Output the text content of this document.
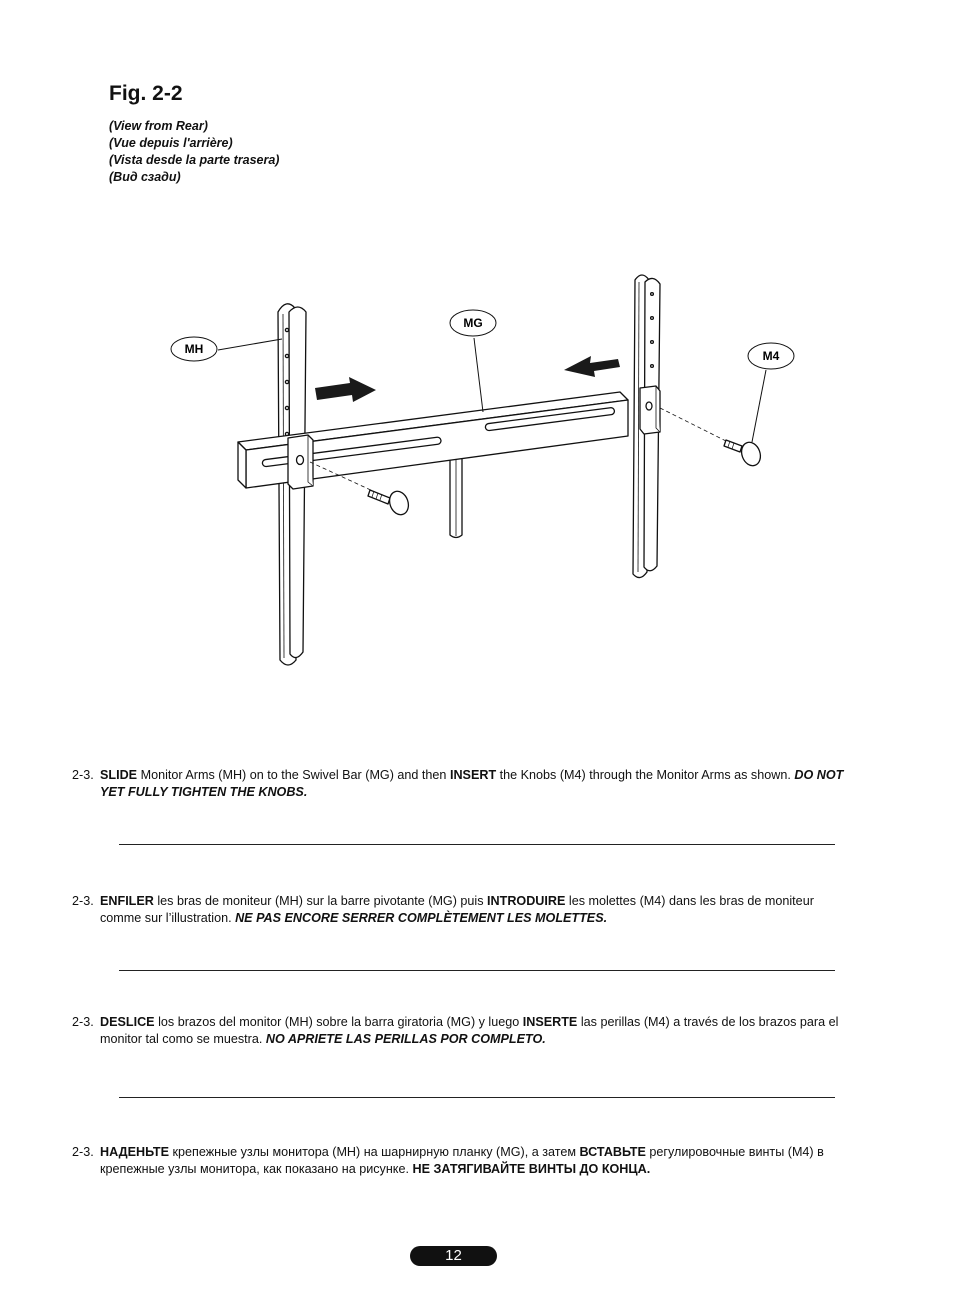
Fig. 2-2
(View from Rear)
(Vue depuis l'arrière)
(Vista desde la parte trasera)
(Вид сзади)
MH
MG
M4
2-3. SLIDE Monitor Arms (MH) on to the Swivel Bar (MG) and then INSERT the Knobs (M4) through the Monitor Arms as shown. DO NOT YET FULLY TIGHTEN THE KNOBS.
2-3. ENFILER les bras de moniteur (MH) sur la barre pivotante (MG) puis INTRODUIRE les molettes (M4) dans les bras de moniteur comme sur l’illustration. NE PAS ENCORE SERRER COMPLÈTEMENT LES MOLETTES.
2-3. DESLICE los brazos del monitor (MH) sobre la barra giratoria (MG) y luego INSERTE las perillas (M4) a través de los brazos para el monitor tal como se muestra. NO APRIETE LAS PERILLAS POR COMPLETO.
2-3. НАДЕНЬТЕ крепежные узлы монитора (MH) на шарнирную планку (MG), а затем ВСТАВЬТЕ регулировочные винты (M4) в крепежные узлы монитора, как показано на рисунке. НЕ ЗАТЯГИВАЙТЕ ВИНТЫ ДО КОНЦА.
12
